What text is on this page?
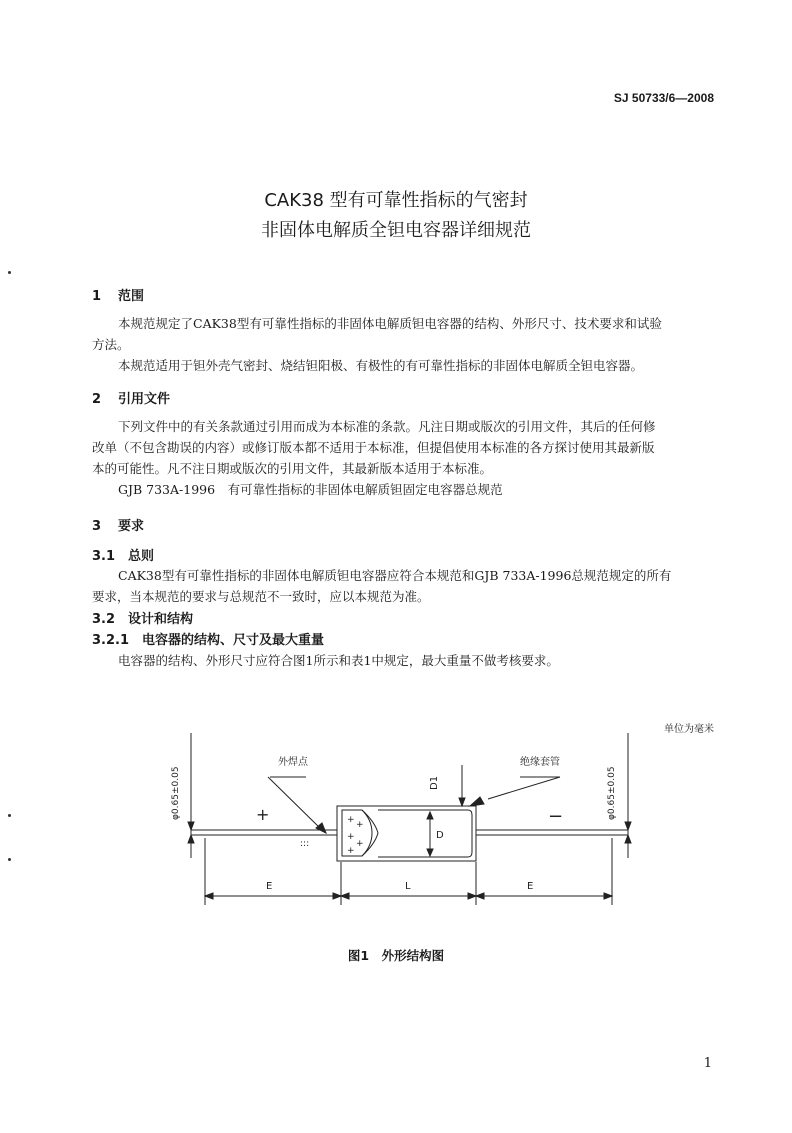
SJ 50733/6—2008
CAK38 型有可靠性指标的气密封
非固体电解质全钽电容器详细规范
1 范围
本规范规定了CAK38型有可靠性指标的非固体电解质钽电容器的结构、外形尺寸、技术要求和试验
方法。
本规范适用于钽外壳气密封、烧结钽阳极、有极性的有可靠性指标的非固体电解质全钽电容器。
2 引用文件
下列文件中的有关条款通过引用而成为本标准的条款。凡注日期或版次的引用文件，其后的任何修
改单（不包含勘误的内容）或修订版本都不适用于本标准，但提倡使用本标准的各方探讨使用其最新版
本的可能性。凡不注日期或版次的引用文件，其最新版本适用于本标准。
GJB 733A-1996　有可靠性指标的非固体电解质钽固定电容器总规范
3 要求
3.1 总则
CAK38型有可靠性指标的非固体电解质钽电容器应符合本规范和GJB 733A-1996总规范规定的所有
要求，当本规范的要求与总规范不一致时，应以本规范为准。
3.2 设计和结构
3.2.1 电容器的结构、尺寸及最大重量
电容器的结构、外形尺寸应符合图1所示和表1中规定，最大重量不做考核要求。
单位为毫米
+ +
+
+
+
:::
外焊点	绝缘套管
+	−
D
D1
φ0.65±0.05	φ0.65±0.05
E	L	E
图1　外形结构图
1
